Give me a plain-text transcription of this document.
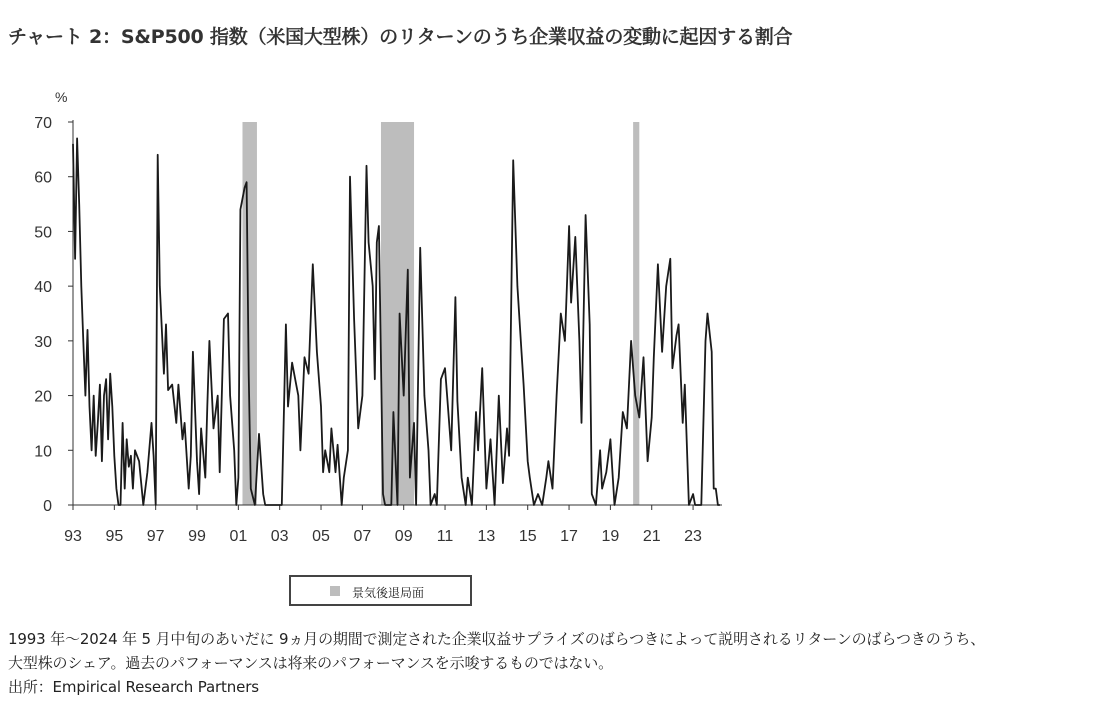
チャート 2：S&P500 指数（米国大型株）のリターンのうち企業収益の変動に起因する割合
%
0
10
20
30
40
50
60
70
93 95 97 99 01 03 05 07 09 11 13 15 17 19 21 23
景気後退局面
1993 年～2024 年 5 月中旬のあいだに 9ヵ月の期間で測定された企業収益サプライズのばらつきによって説明されるリターンのばらつきのうち、
大型株のシェア。過去のパフォーマンスは将来のパフォーマンスを示唆するものではない。
出所：Empirical Research Partners
